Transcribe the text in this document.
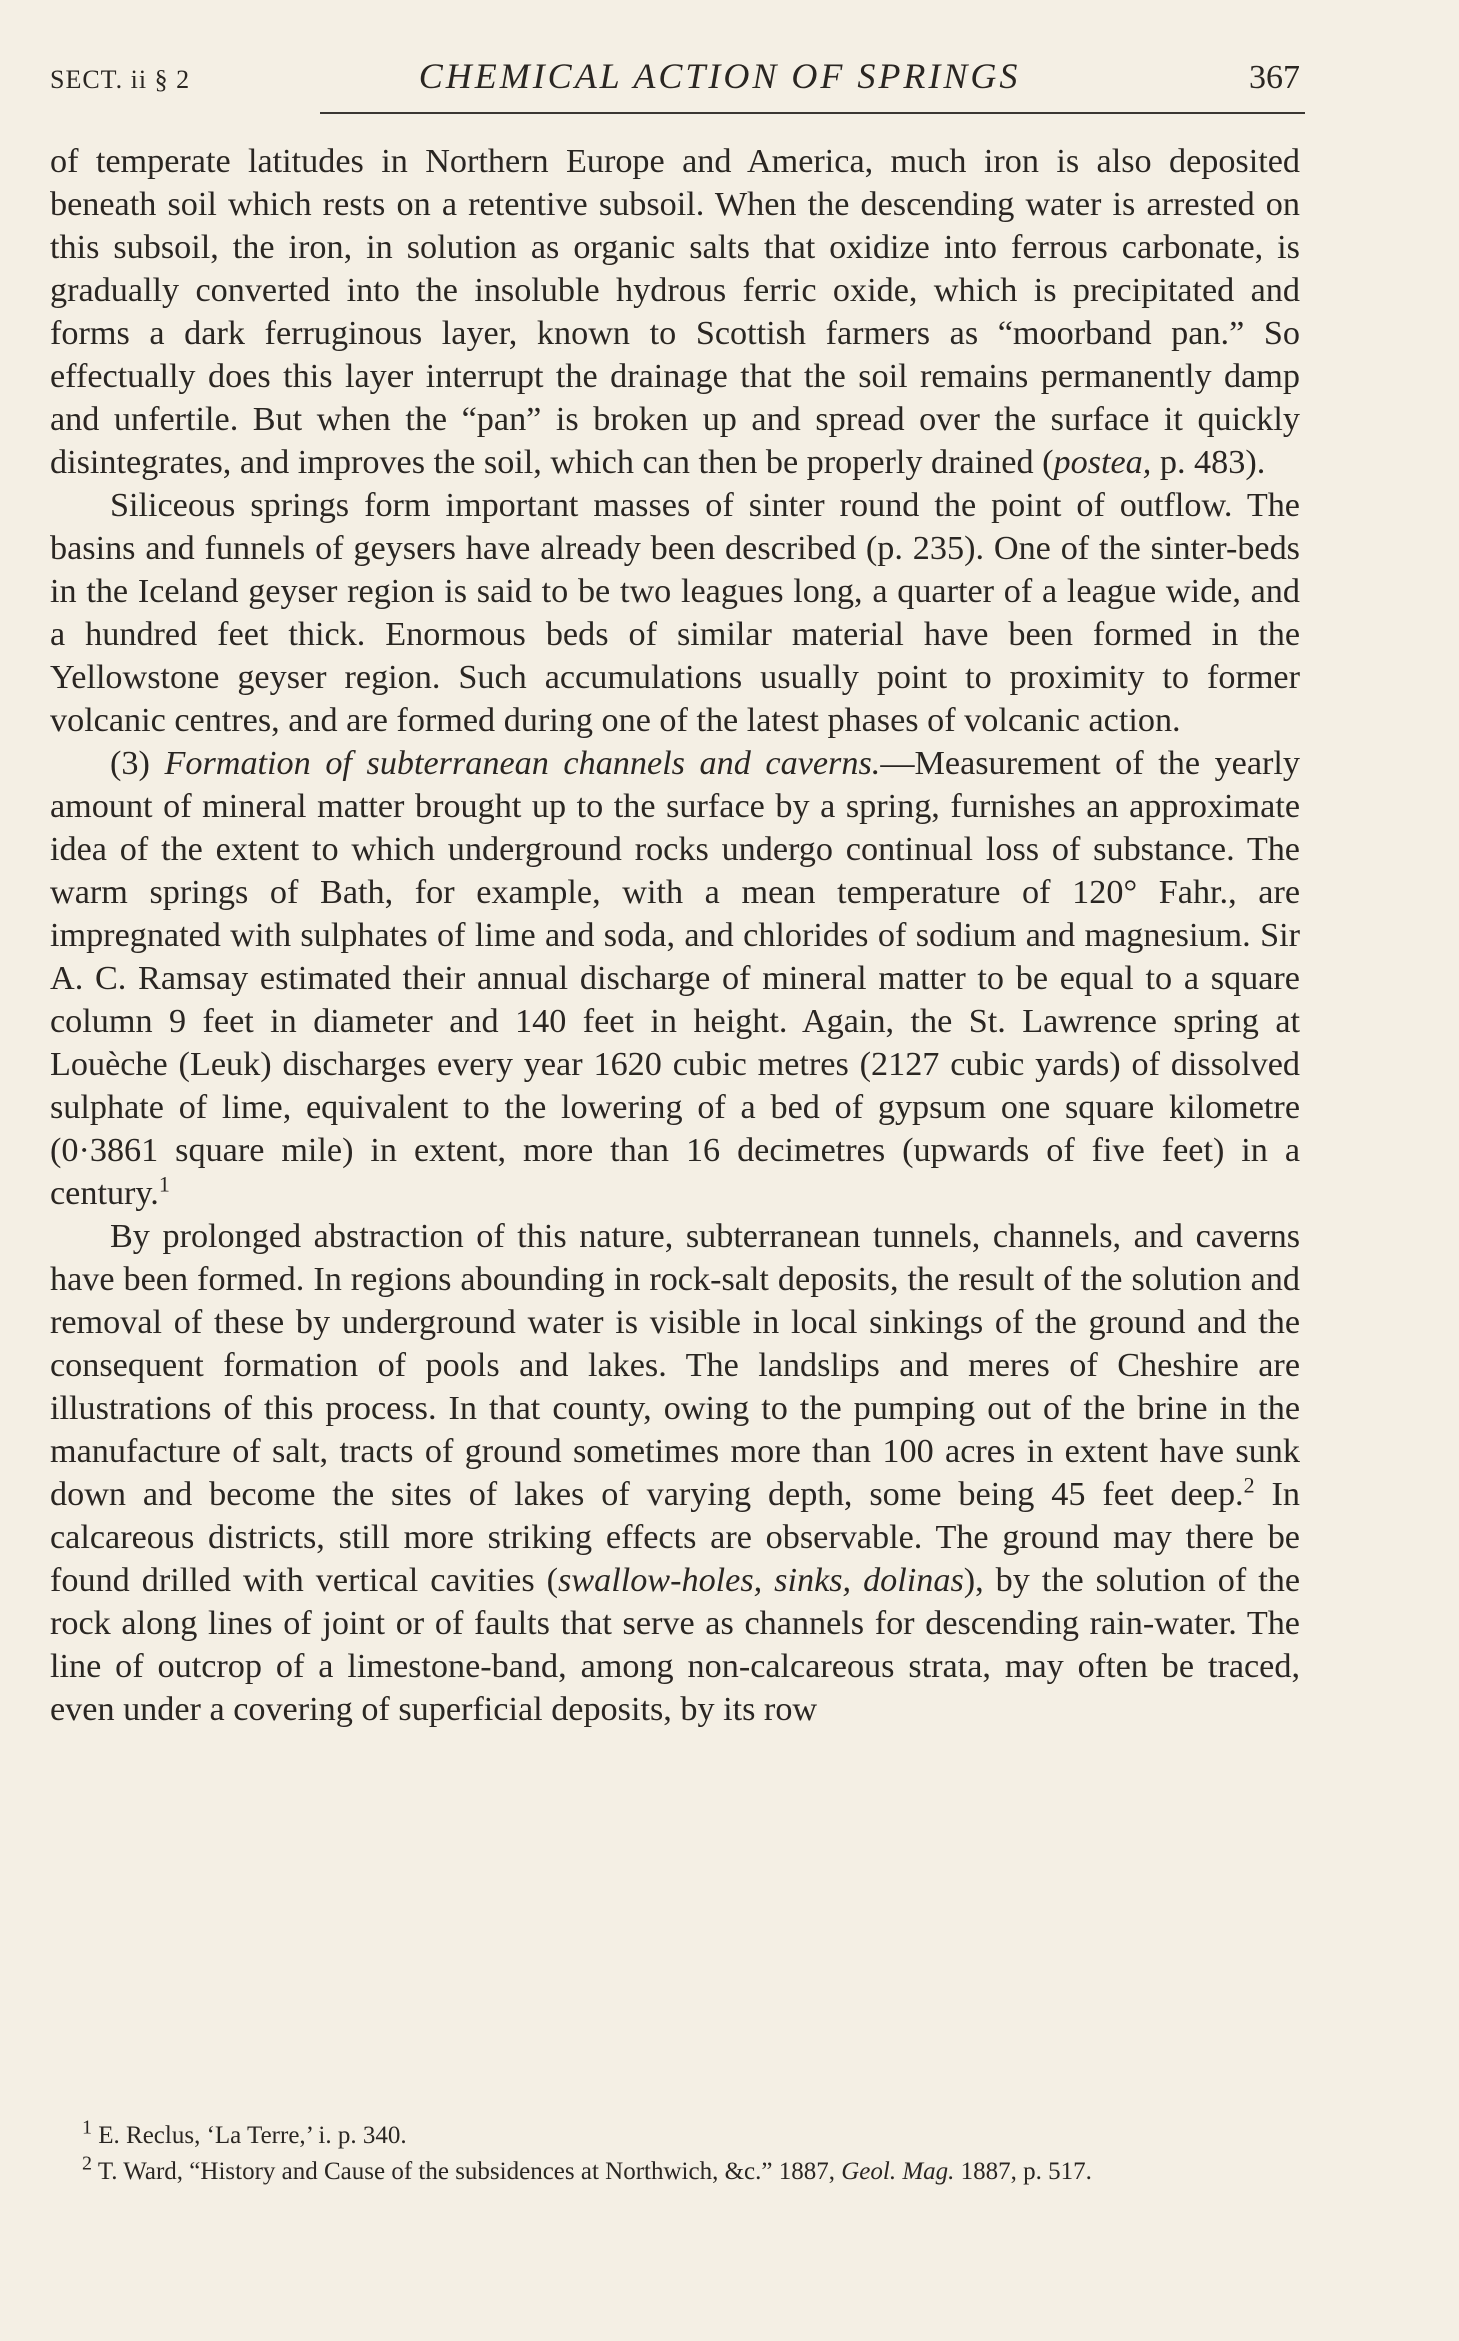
SECT. ii § 2	CHEMICAL ACTION OF SPRINGS	367

of temperate latitudes in Northern Europe and America, much iron is also deposited beneath soil which rests on a retentive subsoil. When the descending water is arrested on this subsoil, the iron, in solution as organic salts that oxidize into ferrous carbonate, is gradually converted into the insoluble hydrous ferric oxide, which is precipitated and forms a dark ferruginous layer, known to Scottish farmers as “moorband pan.” So effectually does this layer interrupt the drainage that the soil remains permanently damp and unfertile. But when the “pan” is broken up and spread over the surface it quickly disintegrates, and improves the soil, which can then be properly drained (postea, p. 483).

Siliceous springs form important masses of sinter round the point of outflow. The basins and funnels of geysers have already been described (p. 235). One of the sinter-beds in the Iceland geyser region is said to be two leagues long, a quarter of a league wide, and a hundred feet thick. Enormous beds of similar material have been formed in the Yellowstone geyser region. Such accumulations usually point to proximity to former volcanic centres, and are formed during one of the latest phases of volcanic action.

(3) Formation of subterranean channels and caverns.—Measurement of the yearly amount of mineral matter brought up to the surface by a spring, furnishes an approximate idea of the extent to which underground rocks undergo continual loss of substance. The warm springs of Bath, for example, with a mean temperature of 120° Fahr., are impregnated with sulphates of lime and soda, and chlorides of sodium and magnesium. Sir A. C. Ramsay estimated their annual discharge of mineral matter to be equal to a square column 9 feet in diameter and 140 feet in height. Again, the St. Lawrence spring at Louèche (Leuk) discharges every year 1620 cubic metres (2127 cubic yards) of dissolved sulphate of lime, equivalent to the lowering of a bed of gypsum one square kilometre (0·3861 square mile) in extent, more than 16 decimetres (upwards of five feet) in a century.$^1$

By prolonged abstraction of this nature, subterranean tunnels, channels, and caverns have been formed. In regions abounding in rock-salt deposits, the result of the solution and removal of these by underground water is visible in local sinkings of the ground and the consequent formation of pools and lakes. The landslips and meres of Cheshire are illustrations of this process. In that county, owing to the pumping out of the brine in the manufacture of salt, tracts of ground sometimes more than 100 acres in extent have sunk down and become the sites of lakes of varying depth, some being 45 feet deep.$^2$ In calcareous districts, still more striking effects are observable. The ground may there be found drilled with vertical cavities (swallow-holes, sinks, dolinas), by the solution of the rock along lines of joint or of faults that serve as channels for descending rain-water. The line of outcrop of a limestone-band, among non-calcareous strata, may often be traced, even under a covering of superficial deposits, by its row

$^1$ E. Reclus, ‘La Terre,’ i. p. 340.

$^2$ T. Ward, “History and Cause of the subsidences at Northwich, &c.” 1887, Geol. Mag. 1887, p. 517.
